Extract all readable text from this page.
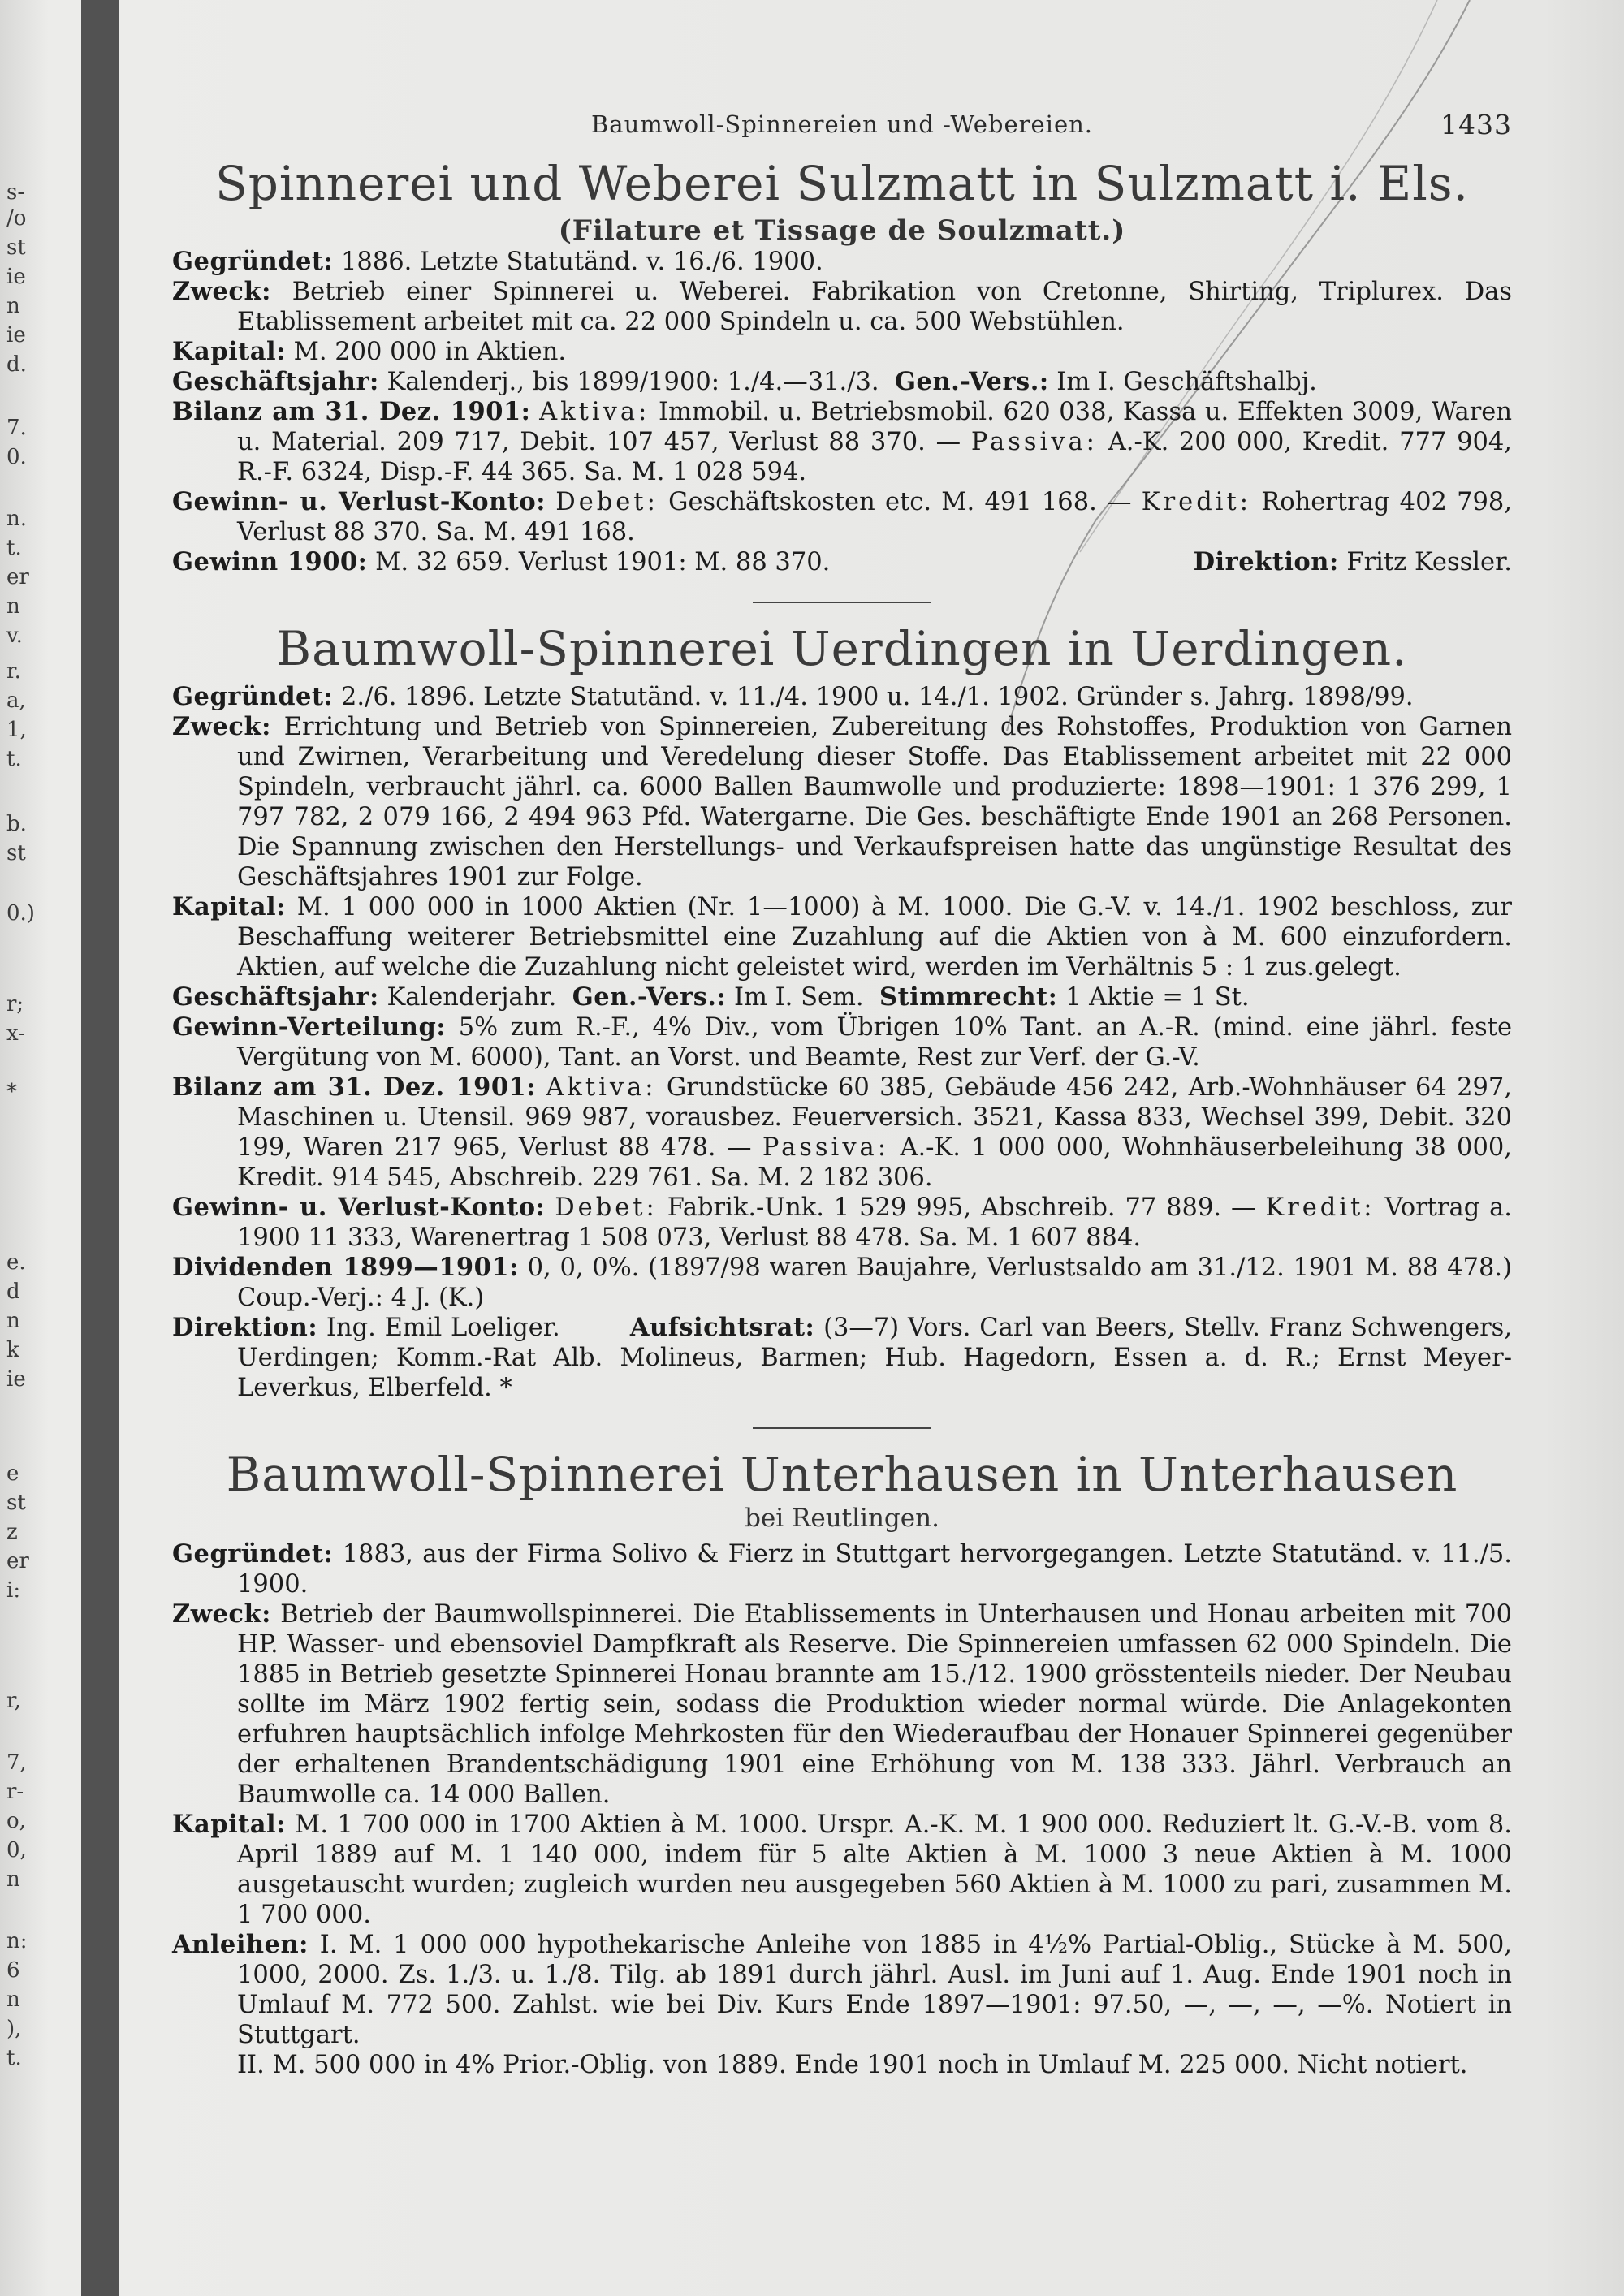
s-
/o
st
ie
n
ie
d.
7.
0.
n.
t.
er
n
v.
r.
a,
1,
t.
b.
st
0.)
r;
x-
*
e.
d
n
k
ie
e
st
z
er
i:
r,
7,
r-
o,
0,
n
n:
6
n
),
t.
Baumwoll-Spinnereien und -Webereien.	1433
Spinnerei und Weberei Sulzmatt in Sulzmatt i. Els.
(Filature et Tissage de Soulzmatt.)
Gegründet: 1886. Letzte Statutänd. v. 16./6. 1900.
Zweck: Betrieb einer Spinnerei u. Weberei. Fabrikation von Cretonne, Shirting, Triplurex. Das Etablissement arbeitet mit ca. 22 000 Spindeln u. ca. 500 Webstühlen.
Kapital: M. 200 000 in Aktien.
Geschäftsjahr: Kalenderj., bis 1899/1900: 1./4.—31./3. Gen.-Vers.: Im I. Geschäftshalbj.
Bilanz am 31. Dez. 1901: Aktiva: Immobil. u. Betriebsmobil. 620 038, Kassa u. Effekten 3009, Waren u. Material. 209 717, Debit. 107 457, Verlust 88 370. — Passiva: A.-K. 200 000, Kredit. 777 904, R.-F. 6324, Disp.-F. 44 365. Sa. M. 1 028 594.
Gewinn- u. Verlust-Konto: Debet: Geschäftskosten etc. M. 491 168. — Kredit: Rohertrag 402 798, Verlust 88 370. Sa. M. 491 168.
Gewinn 1900: M. 32 659. Verlust 1901: M. 88 370.	Direktion: Fritz Kessler.
Baumwoll-Spinnerei Uerdingen in Uerdingen.
Gegründet: 2./6. 1896. Letzte Statutänd. v. 11./4. 1900 u. 14./1. 1902. Gründer s. Jahrg. 1898/99.
Zweck: Errichtung und Betrieb von Spinnereien, Zubereitung des Rohstoffes, Produktion von Garnen und Zwirnen, Verarbeitung und Veredelung dieser Stoffe. Das Etablissement arbeitet mit 22 000 Spindeln, verbraucht jährl. ca. 6000 Ballen Baumwolle und produzierte: 1898—1901: 1 376 299, 1 797 782, 2 079 166, 2 494 963 Pfd. Watergarne. Die Ges. beschäftigte Ende 1901 an 268 Personen. Die Spannung zwischen den Herstellungs- und Verkaufspreisen hatte das ungünstige Resultat des Geschäftsjahres 1901 zur Folge.
Kapital: M. 1 000 000 in 1000 Aktien (Nr. 1—1000) à M. 1000. Die G.-V. v. 14./1. 1902 beschloss, zur Beschaffung weiterer Betriebsmittel eine Zuzahlung auf die Aktien von à M. 600 einzufordern. Aktien, auf welche die Zuzahlung nicht geleistet wird, werden im Verhältnis 5 : 1 zus.gelegt.
Geschäftsjahr: Kalenderjahr. Gen.-Vers.: Im I. Sem. Stimmrecht: 1 Aktie = 1 St.
Gewinn-Verteilung: 5% zum R.-F., 4% Div., vom Übrigen 10% Tant. an A.-R. (mind. eine jährl. feste Vergütung von M. 6000), Tant. an Vorst. und Beamte, Rest zur Verf. der G.-V.
Bilanz am 31. Dez. 1901: Aktiva: Grundstücke 60 385, Gebäude 456 242, Arb.-Wohnhäuser 64 297, Maschinen u. Utensil. 969 987, vorausbez. Feuerversich. 3521, Kassa 833, Wechsel 399, Debit. 320 199, Waren 217 965, Verlust 88 478. — Passiva: A.-K. 1 000 000, Wohnhäuserbeleihung 38 000, Kredit. 914 545, Abschreib. 229 761. Sa. M. 2 182 306.
Gewinn- u. Verlust-Konto: Debet: Fabrik.-Unk. 1 529 995, Abschreib. 77 889. — Kredit: Vortrag a. 1900 11 333, Warenertrag 1 508 073, Verlust 88 478. Sa. M. 1 607 884.
Dividenden 1899—1901: 0, 0, 0%. (1897/98 waren Baujahre, Verlustsaldo am 31./12. 1901 M. 88 478.) Coup.-Verj.: 4 J. (K.)
Direktion: Ing. Emil Loeliger.	Aufsichtsrat: (3—7) Vors. Carl van Beers, Stellv. Franz Schwengers, Uerdingen; Komm.-Rat Alb. Molineus, Barmen; Hub. Hagedorn, Essen a. d. R.; Ernst Meyer-Leverkus, Elberfeld. *
Baumwoll-Spinnerei Unterhausen in Unterhausen
bei Reutlingen.
Gegründet: 1883, aus der Firma Solivo & Fierz in Stuttgart hervorgegangen. Letzte Statutänd. v. 11./5. 1900.
Zweck: Betrieb der Baumwollspinnerei. Die Etablissements in Unterhausen und Honau arbeiten mit 700 HP. Wasser- und ebensoviel Dampfkraft als Reserve. Die Spinnereien umfassen 62 000 Spindeln. Die 1885 in Betrieb gesetzte Spinnerei Honau brannte am 15./12. 1900 grösstenteils nieder. Der Neubau sollte im März 1902 fertig sein, sodass die Produktion wieder normal würde. Die Anlagekonten erfuhren hauptsächlich infolge Mehrkosten für den Wiederaufbau der Honauer Spinnerei gegenüber der erhaltenen Brandentschädigung 1901 eine Erhöhung von M. 138 333. Jährl. Verbrauch an Baumwolle ca. 14 000 Ballen.
Kapital: M. 1 700 000 in 1700 Aktien à M. 1000. Urspr. A.-K. M. 1 900 000. Reduziert lt. G.-V.-B. vom 8. April 1889 auf M. 1 140 000, indem für 5 alte Aktien à M. 1000 3 neue Aktien à M. 1000 ausgetauscht wurden; zugleich wurden neu ausgegeben 560 Aktien à M. 1000 zu pari, zusammen M. 1 700 000.
Anleihen: I. M. 1 000 000 hypothekarische Anleihe von 1885 in 4½% Partial-Oblig., Stücke à M. 500, 1000, 2000. Zs. 1./3. u. 1./8. Tilg. ab 1891 durch jährl. Ausl. im Juni auf 1. Aug. Ende 1901 noch in Umlauf M. 772 500. Zahlst. wie bei Div. Kurs Ende 1897—1901: 97.50, —, —, —, —%. Notiert in Stuttgart.
II. M. 500 000 in 4% Prior.-Oblig. von 1889. Ende 1901 noch in Umlauf M. 225 000. Nicht notiert.
